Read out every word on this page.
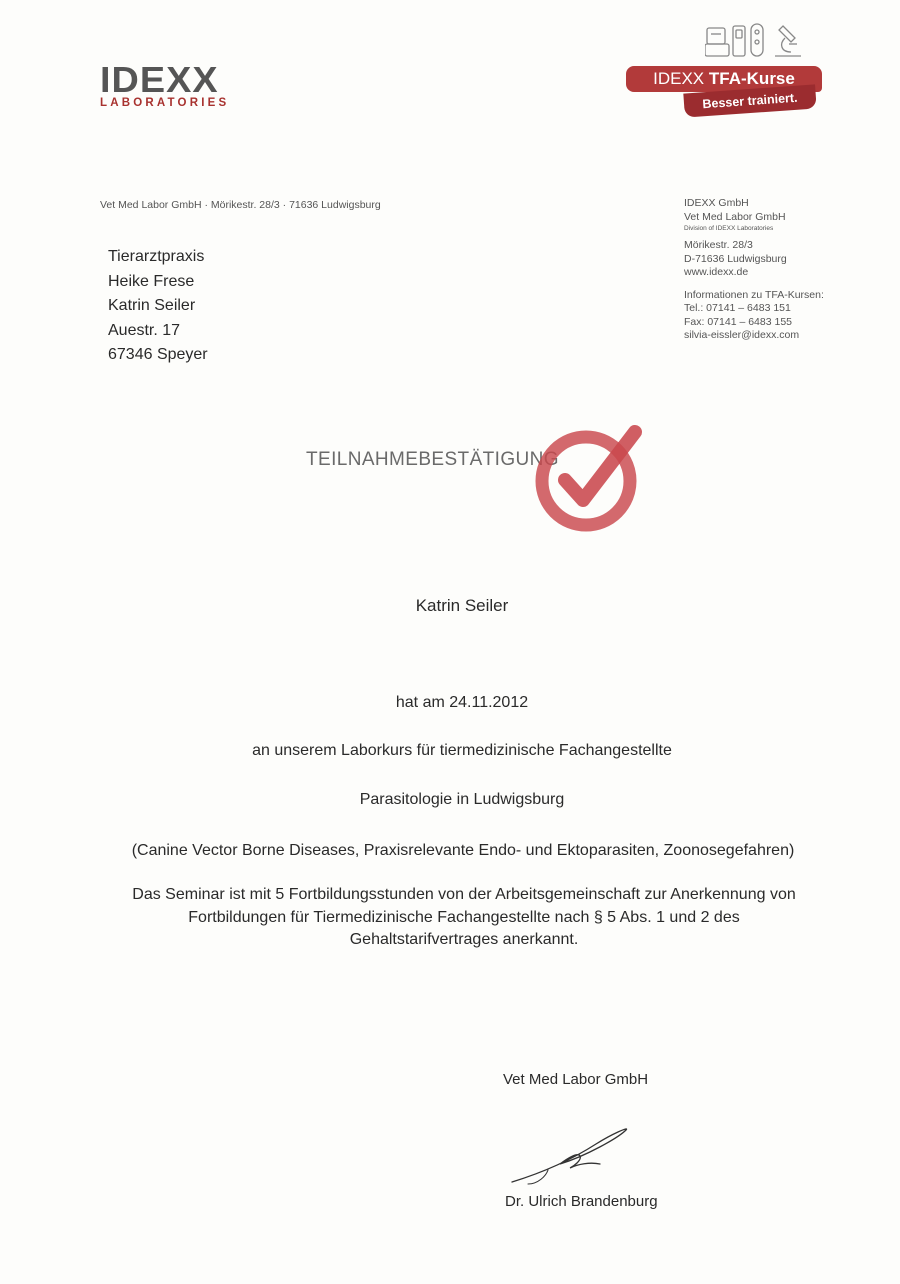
IDEXX
LABORATORIES
IDEXX TFA-Kurse
Besser trainiert.
Vet Med Labor GmbH · Mörikestr. 28/3 · 71636 Ludwigsburg
Tierarztpraxis
Heike Frese
Katrin Seiler
Auestr. 17
67346 Speyer
IDEXX GmbH
Vet Med Labor GmbH
Division of IDEXX Laboratories
Mörikestr. 28/3
D-71636 Ludwigsburg
www.idexx.de
Informationen zu TFA-Kursen:
Tel.: 07141 – 6483 151
Fax: 07141 – 6483 155
silvia-eissler@idexx.com
TEILNAHMEBESTÄTIGUNG
Katrin Seiler
hat am 24.11.2012
an unserem Laborkurs für tiermedizinische Fachangestellte
Parasitologie in Ludwigsburg
(Canine Vector Borne Diseases, Praxisrelevante Endo- und Ektoparasiten, Zoonosegefahren)
Das Seminar ist mit 5 Fortbildungsstunden von der Arbeitsgemeinschaft zur Anerkennung von
Fortbildungen für Tiermedizinische Fachangestellte nach § 5 Abs. 1 und 2 des
Gehaltstarifvertrages anerkannt.
Vet Med Labor GmbH
Dr. Ulrich Brandenburg
